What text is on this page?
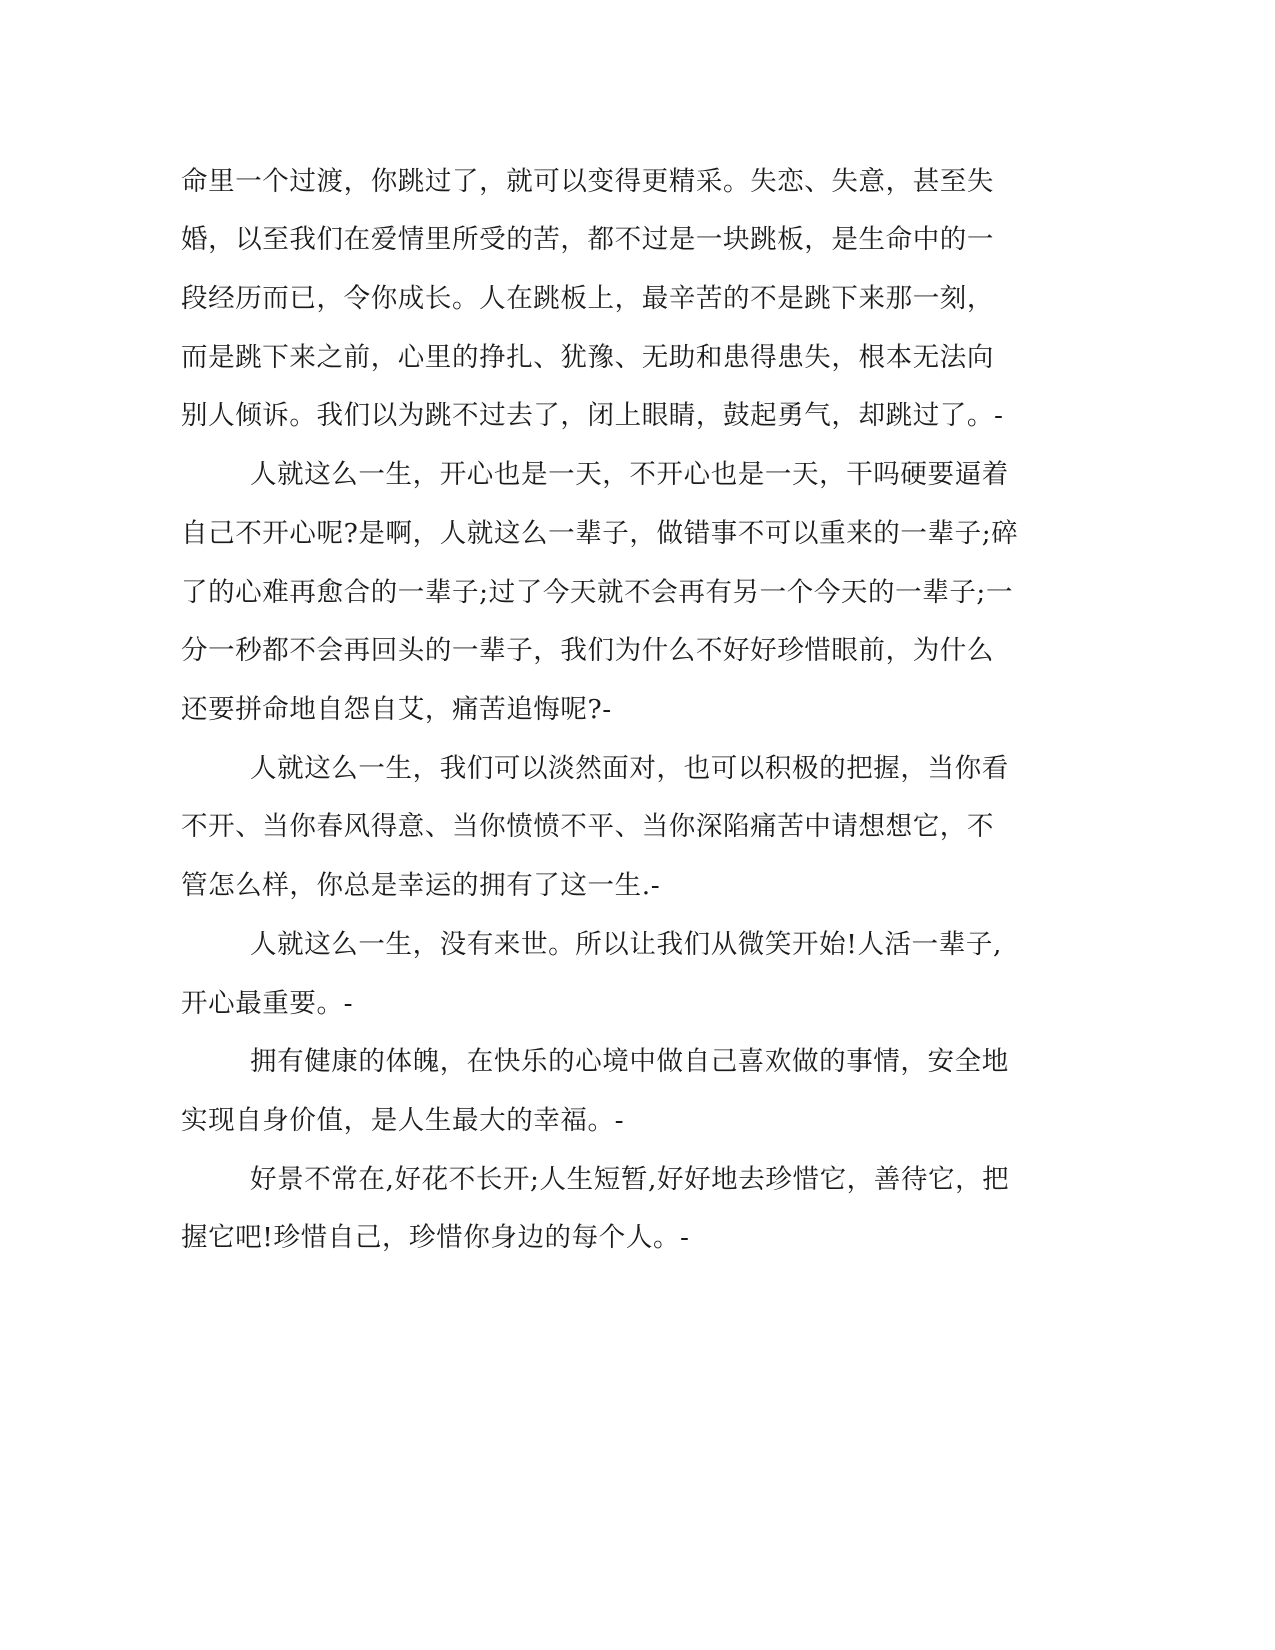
命里一个过渡，你跳过了，就可以变得更精采。失恋、失意，甚至失
婚，以至我们在爱情里所受的苦，都不过是一块跳板，是生命中的一
段经历而已，令你成长。人在跳板上，最辛苦的不是跳下来那一刻，
而是跳下来之前，心里的挣扎、犹豫、无助和患得患失，根本无法向
别人倾诉。我们以为跳不过去了，闭上眼睛，鼓起勇气，却跳过了。-
人就这么一生，开心也是一天，不开心也是一天，干吗硬要逼着
自己不开心呢?是啊，人就这么一辈子，做错事不可以重来的一辈子;碎
了的心难再愈合的一辈子;过了今天就不会再有另一个今天的一辈子;一
分一秒都不会再回头的一辈子，我们为什么不好好珍惜眼前，为什么
还要拼命地自怨自艾，痛苦追悔呢?-
人就这么一生，我们可以淡然面对，也可以积极的把握，当你看
不开、当你春风得意、当你愤愤不平、当你深陷痛苦中请想想它，不
管怎么样，你总是幸运的拥有了这一生.-
人就这么一生，没有来世。所以让我们从微笑开始!人活一辈子,
开心最重要。-
拥有健康的体魄，在快乐的心境中做自己喜欢做的事情，安全地
实现自身价值，是人生最大的幸福。-
好景不常在,好花不长开;人生短暂,好好地去珍惜它，善待它，把
握它吧!珍惜自己，珍惜你身边的每个人。-
